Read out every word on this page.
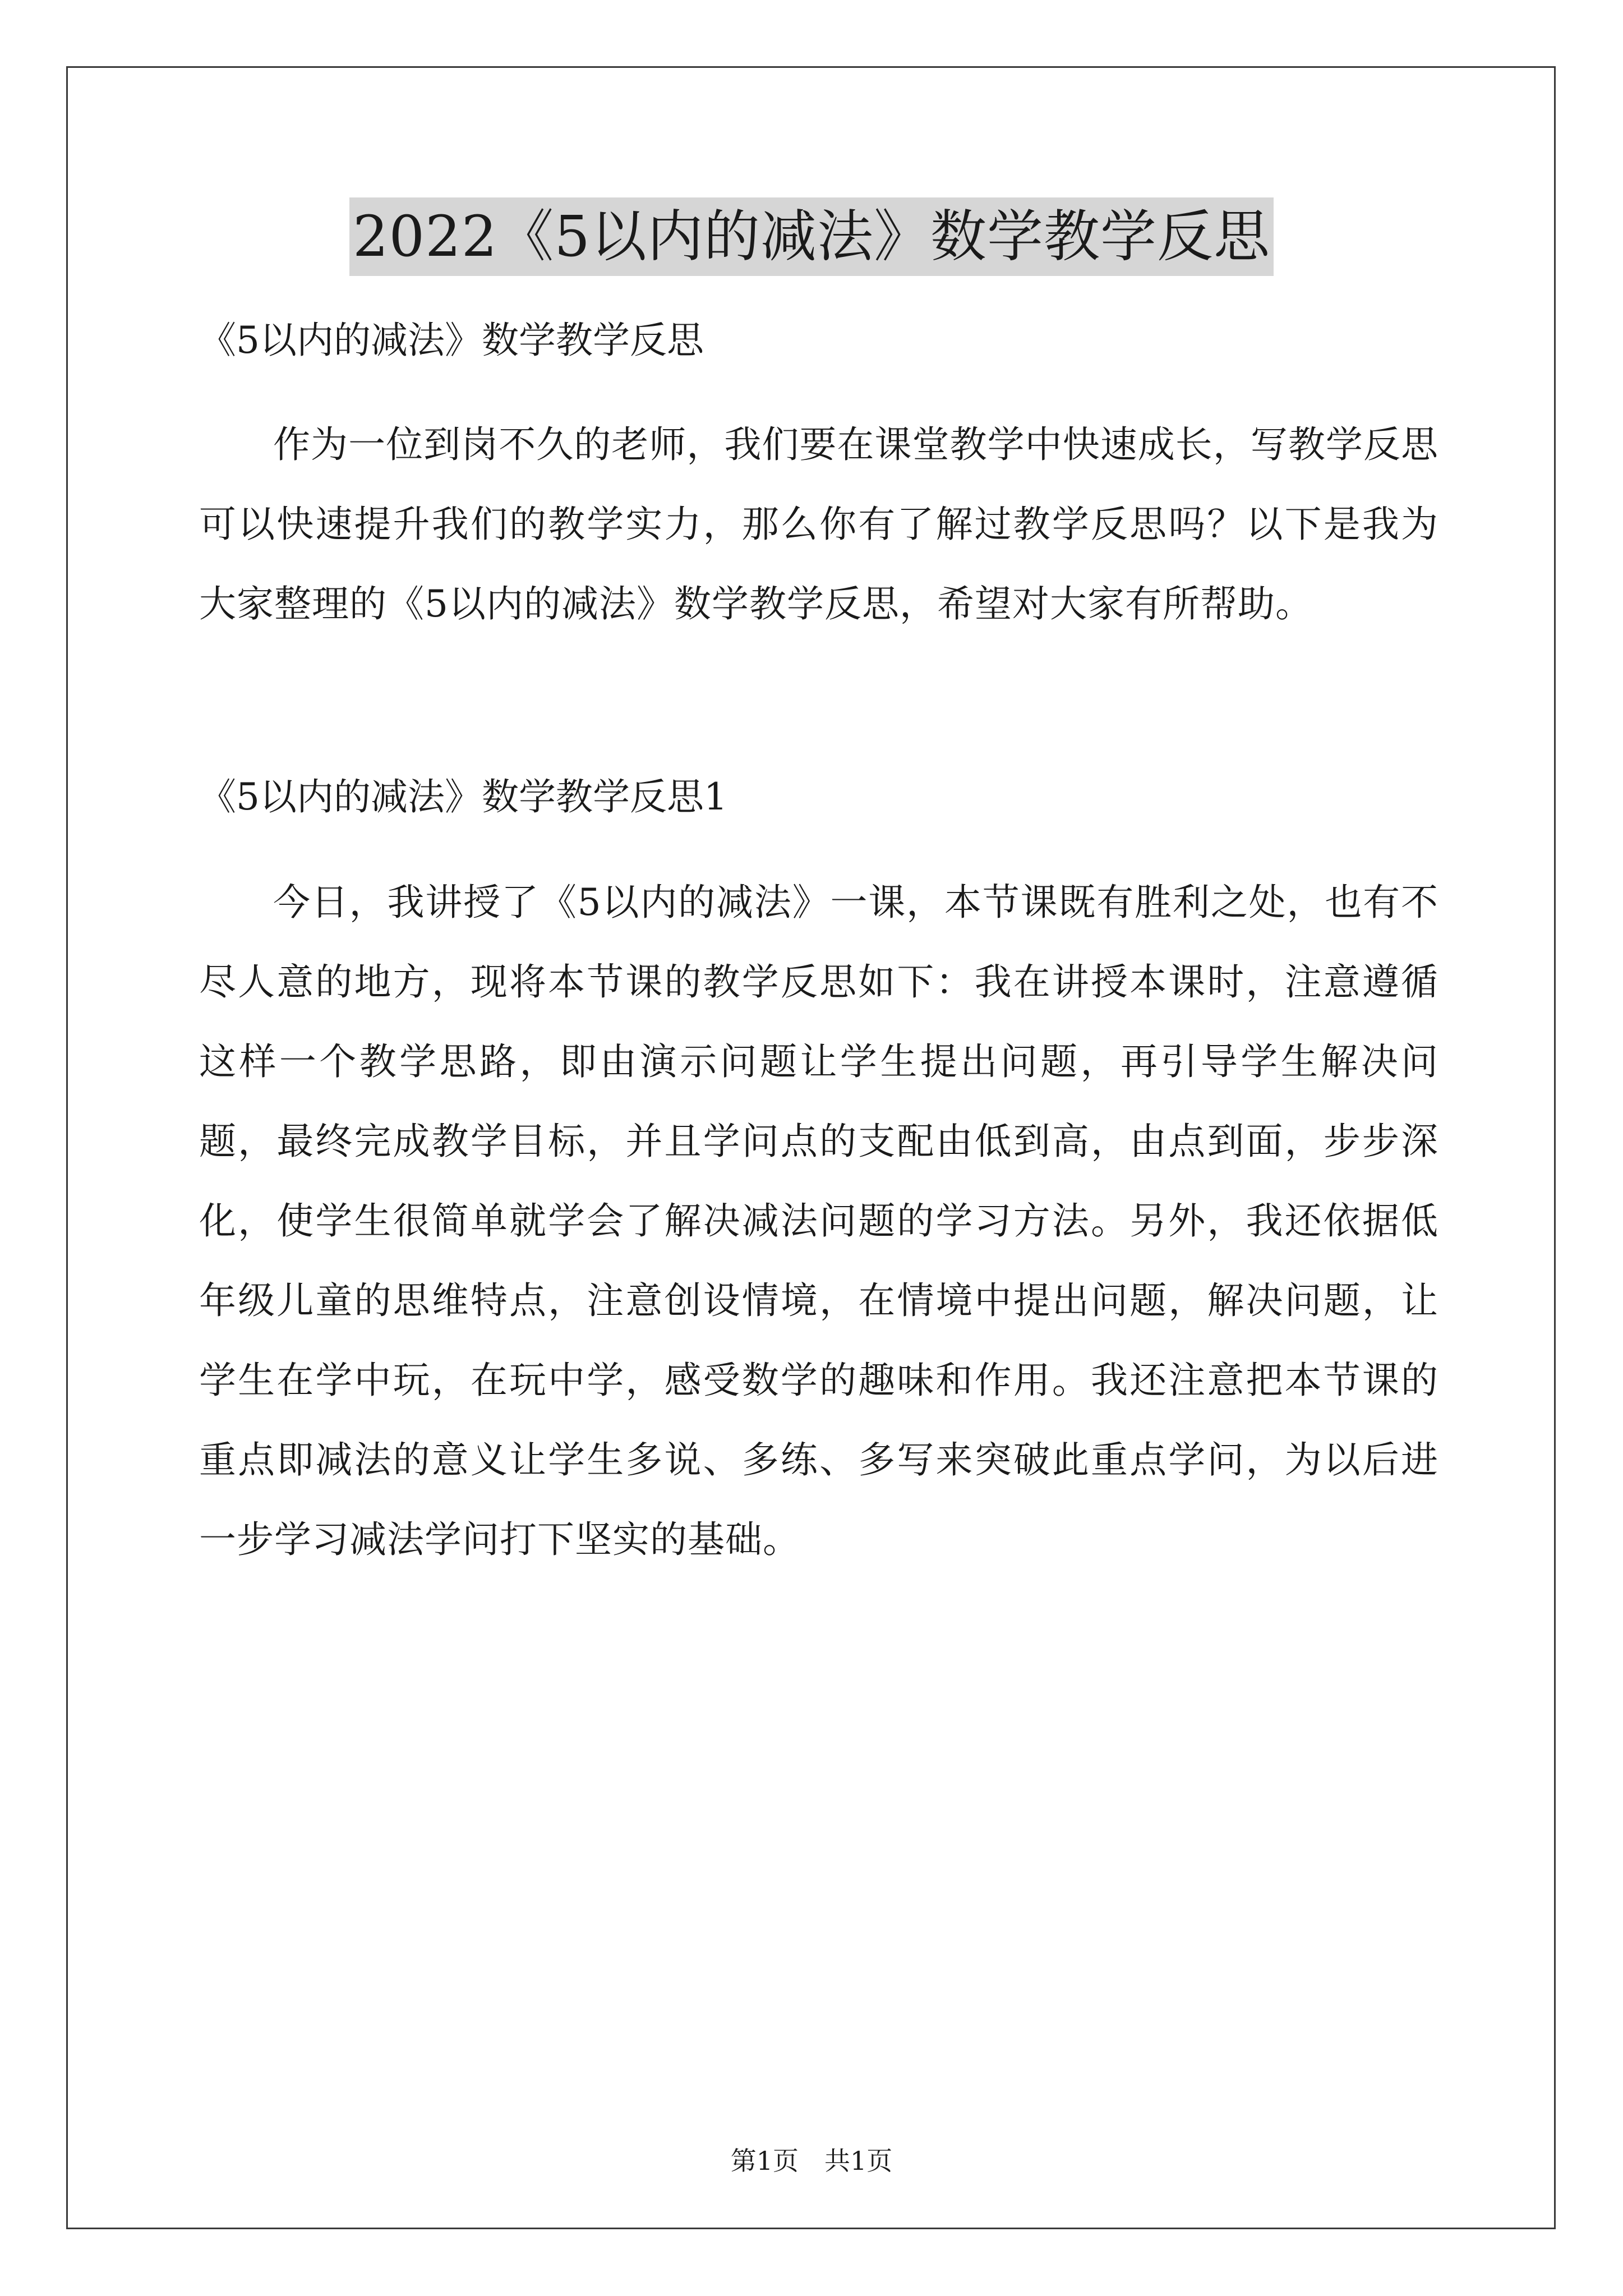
2022《5以内的减法》数学教学反思

《5以内的减法》数学教学反思

作为一位到岗不久的老师，我们要在课堂教学中快速成长，写教学反思可以快速提升我们的教学实力，那么你有了解过教学反思吗？以下是我为大家整理的《5以内的减法》数学教学反思，希望对大家有所帮助。

《5以内的减法》数学教学反思1

今日，我讲授了《5以内的减法》一课，本节课既有胜利之处，也有不尽人意的地方，现将本节课的教学反思如下：我在讲授本课时，注意遵循这样一个教学思路，即由演示问题让学生提出问题，再引导学生解决问题，最终完成教学目标，并且学问点的支配由低到高，由点到面，步步深化，使学生很简单就学会了解决减法问题的学习方法。另外，我还依据低年级儿童的思维特点，注意创设情境，在情境中提出问题，解决问题，让学生在学中玩，在玩中学，感受数学的趣味和作用。我还注意把本节课的重点即减法的意义让学生多说、多练、多写来突破此重点学问，为以后进一步学习减法学问打下坚实的基础。

第1页　共1页
